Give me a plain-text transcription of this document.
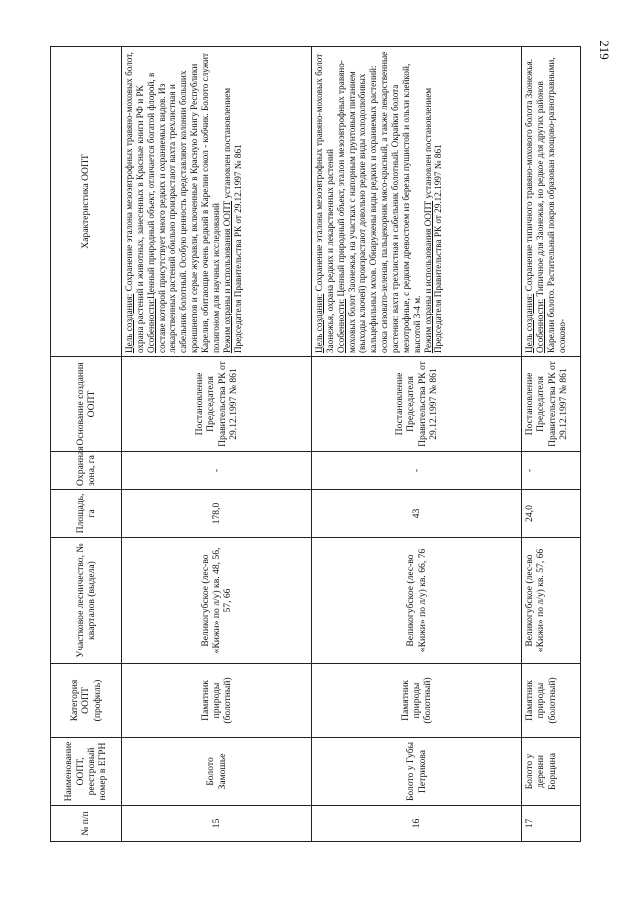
219
№ п/п	Наименование ООПТ, реестровый номер в ЕГРН	Категория ООПТ (профиль)	Участковое лесничество, № кварталов (выдела)	Площадь, га	Охранная зона, га	Основание создания ООПТ	Характеристика ООПТ
15	Болото Замошье	Памятник природы (болотный)	Великогубское (лес-во «Кижи» по л/у) кв. 48, 56, 57, 66	178,0	-	Постановление Председателя Правительства РК от 29.12.1997 № 861	Цель создания: Сохранение эталона мезоэвтрофных травяно-моховых болот, охрана растений и животных, занесенных в Красные книги РФ и РК Особенности:Ценный природный объект, отличается богатой флорой, в составе которой присутствует много редких и охраняемых видов. Из лекарственных растений обильно произрастают вахта трехлистная и сабельник болотный. Особую ценность представляют колонии больших кроншнепов и серые журавли, включенные в Красную Книгу Республики Карелия, обитающие очень редкий в Карелии сокол - кобчик. Болото служит полигоном для научных исследований Режим охраны и использования ООПТ установлен постановлением Председателя Правительства РК от 29.12.1997 № 861

16	Болото у Губы Петрикова	Памятник природы (болотный)	Великогубское (лес-во «Кижи» по л/у) кв. 66, 76	43	-	Постановление Председателя Правительства РК от 29.12.1997 № 861	Цель создания: Сохранение эталона мезоэвтрофных травяно-моховых болот Заонежья, охрана редких и лекарственных растений Особенности: Ценный природный объект, эталон мезоэвтрофных травяно-моховых болот Заонежья, на участках с напорным грунтовым питанием (выходы ключей) произрастают довольно редкие виды холодолюбивых кальцефильных мхов. Обнаружены виды редких и охраняемых растений: осока сизовато-зеленая, пальцекорник мясо-красный, а также лекарственные растения: вахта трехлистная и сабельник болотный. Окрайки болота мезотрофные, с редким древостоем из березы пушистой и ольхи клейкой, высотой 3-4 м. Режим охраны и использования ООПТ установлен постановлением Председателя Правительства РК от 29.12.1997 № 861

17	Болото у деревни Борщина	Памятник природы (болотный)	Великогубское (лес-во «Кижи» по л/у) кв. 57, 66	24,0	-	Постановление Председателя Правительства РК от 29.12.1997 № 861	Цель создания: Сохранение типичного травяно-мохового болота Заонежья.
Особенности: Типичное для Заонежья, но редкое для других районов Карелии болото. Растительный покров образован хвощово-разнотравными, осоково-
